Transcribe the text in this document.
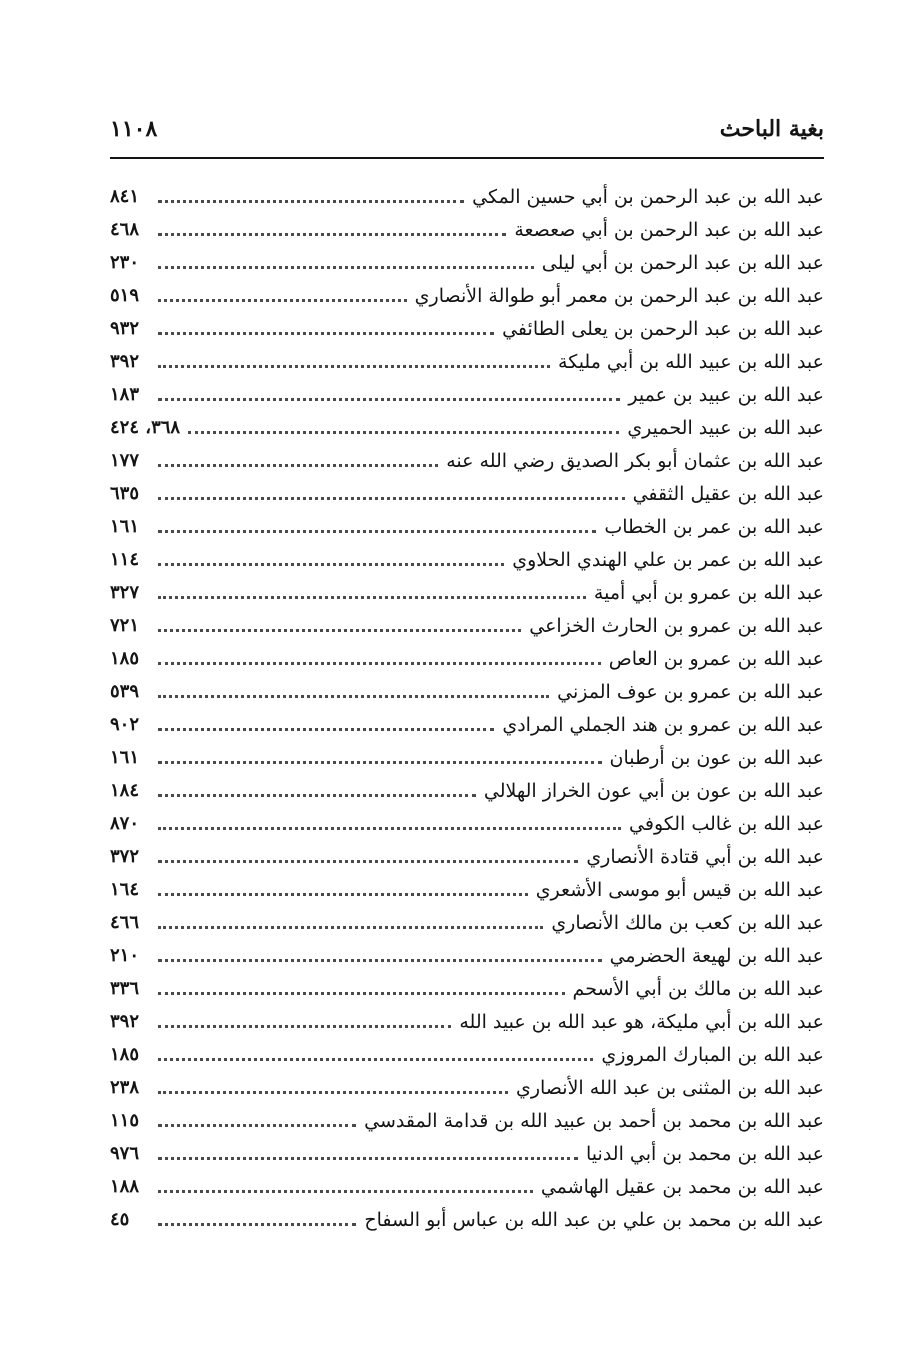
١١٠٨	بغية الباحث
عبد الله بن عبد الرحمن بن أبي حسين المكي
٨٤١
عبد الله بن عبد الرحمن بن أبي صعصعة
٤٦٨
عبد الله بن عبد الرحمن بن أبي ليلى
٢٣٠
عبد الله بن عبد الرحمن بن معمر أبو طوالة الأنصاري
٥١٩
عبد الله بن عبد الرحمن بن يعلى الطائفي
٩٣٢
عبد الله بن عبيد الله بن أبي مليكة
٣٩٢
عبد الله بن عبيد بن عمير
١٨٣
عبد الله بن عبيد الحميري
٣٦٨، ٤٢٤
عبد الله بن عثمان أبو بكر الصديق رضي الله عنه
١٧٧
عبد الله بن عقيل الثقفي
٦٣٥
عبد الله بن عمر بن الخطاب
١٦١
عبد الله بن عمر بن علي الهندي الحلاوي
١١٤
عبد الله بن عمرو بن أبي أمية
٣٢٧
عبد الله بن عمرو بن الحارث الخزاعي
٧٢١
عبد الله بن عمرو بن العاص
١٨٥
عبد الله بن عمرو بن عوف المزني
٥٣٩
عبد الله بن عمرو بن هند الجملي المرادي
٩٠٢
عبد الله بن عون بن أرطبان
١٦١
عبد الله بن عون بن أبي عون الخراز الهلالي
١٨٤
عبد الله بن غالب الكوفي
٨٧٠
عبد الله بن أبي قتادة الأنصاري
٣٧٢
عبد الله بن قيس أبو موسى الأشعري
١٦٤
عبد الله بن كعب بن مالك الأنصاري
٤٦٦
عبد الله بن لهيعة الحضرمي
٢١٠
عبد الله بن مالك بن أبي الأسحم
٣٣٦
عبد الله بن أبي مليكة، هو عبد الله بن عبيد الله
٣٩٢
عبد الله بن المبارك المروزي
١٨٥
عبد الله بن المثنى بن عبد الله الأنصاري
٢٣٨
عبد الله بن محمد بن أحمد بن عبيد الله بن قدامة المقدسي
١١٥
عبد الله بن محمد بن أبي الدنيا
٩٧٦
عبد الله بن محمد بن عقيل الهاشمي
١٨٨
عبد الله بن محمد بن علي بن عبد الله بن عباس أبو السفاح
٤٥
